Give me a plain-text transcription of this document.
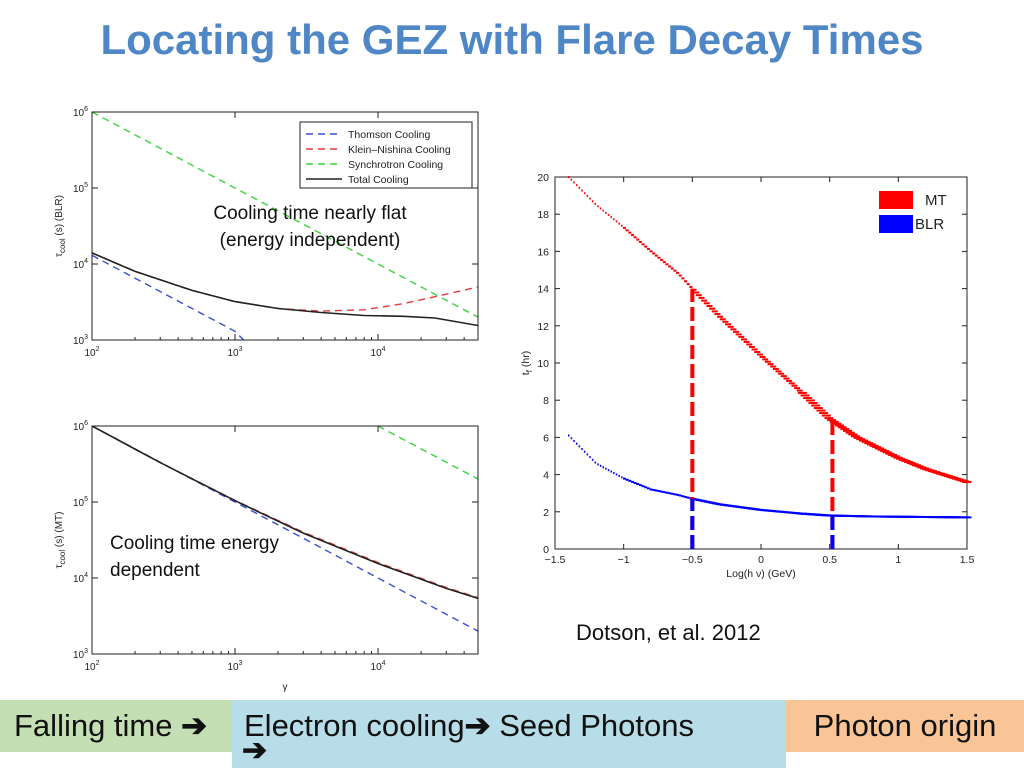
Locating the GEZ with Flare Decay Times
$10^2$	$10^3$	$10^4$
$10^3$
$10^4$
$10^5$
$10^6$
$\tau_{cool}$ (s) (BLR)
Thomson Cooling
Klein–Nishina Cooling
Synchrotron Cooling
Total Cooling
$10^2$	$10^3$	$10^4$
$10^3$
$10^4$
$10^5$
$10^6$
$\tau_{cool}$ (s) (MT)
γ
−1.5	−1	−0.5	0	0.5	1	1.5
0
2
4
6
8
10
12
14
16
18
20
Log(h ν) (GeV)
$t_f$ (hr)
MT
BLR
Cooling time nearly flat
(energy independent)
Cooling time energy
dependent
Dotson, et al. 2012
Falling time ➔	Electron cooling➔ Seed Photons
➔
Photon origin
